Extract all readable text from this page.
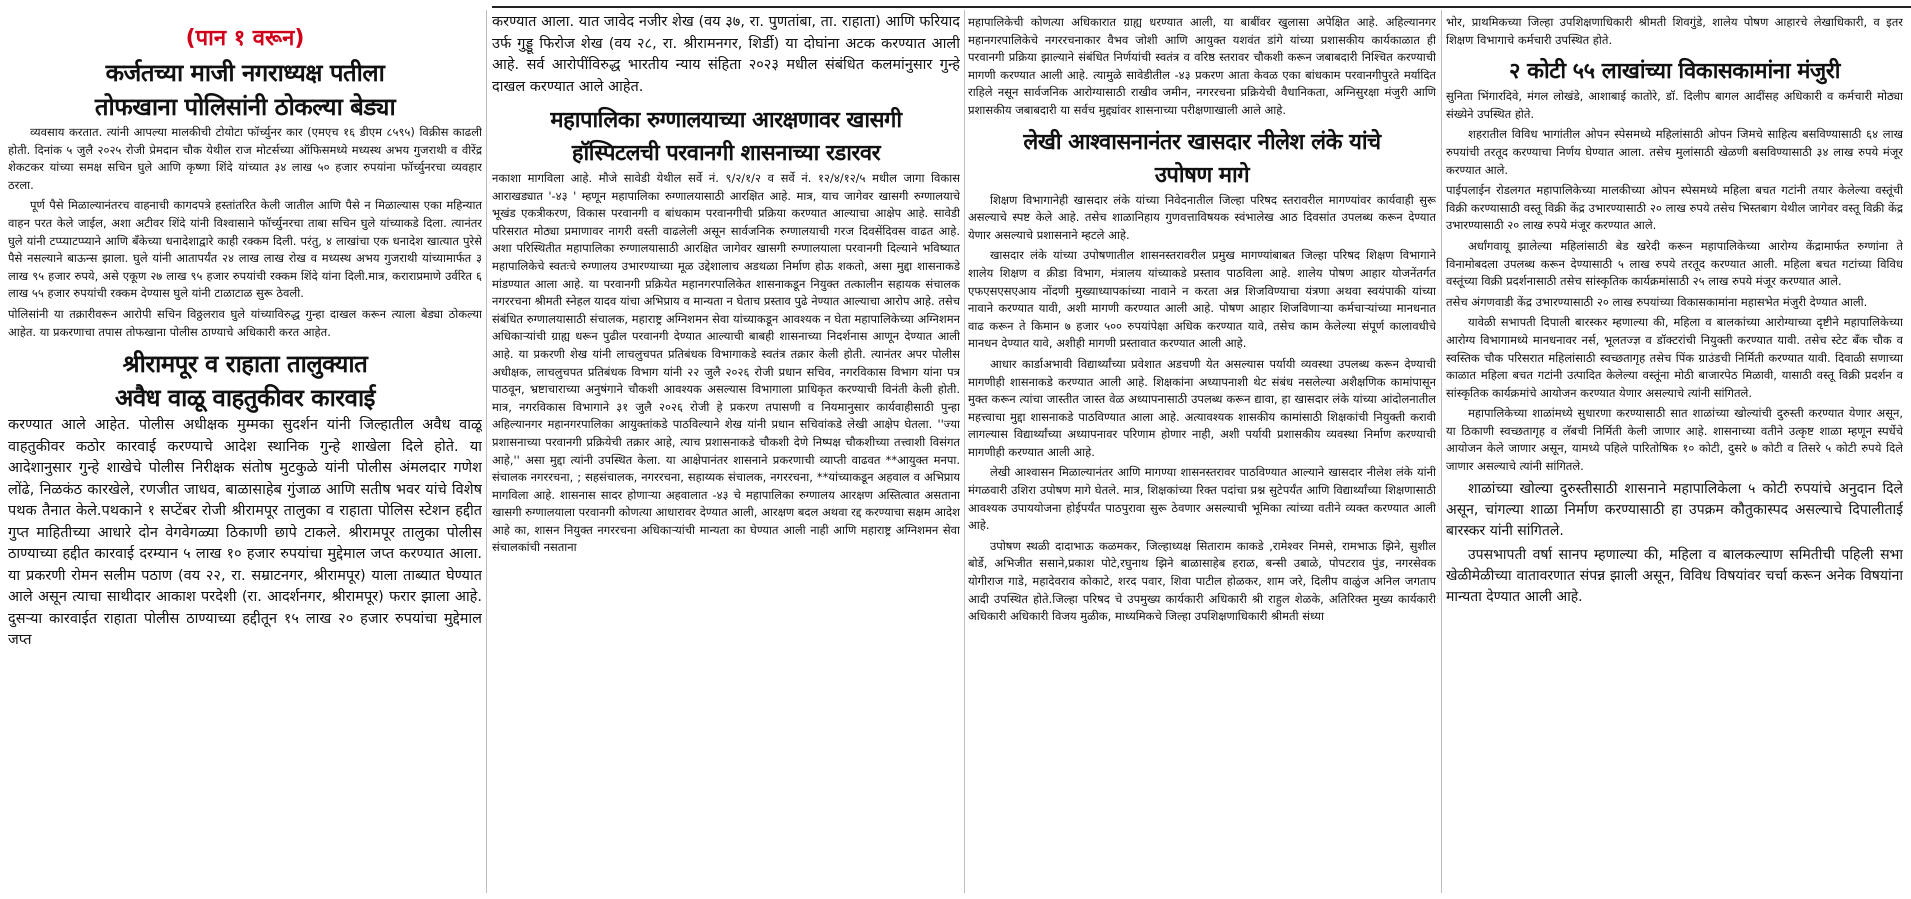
(पान १ वरून)
कर्जतच्या माजी नगराध्यक्ष पतीला
तोफखाना पोलिसांनी ठोकल्या बेड्या

व्यवसाय करतात. त्यांनी आपल्या मालकीची टोयोटा फॉर्च्युनर कार (एमएच १६ डीएम ८५९५) विक्रीस काढली होती. दिनांक ५ जुलै २०२५ रोजी प्रेमदान चौक येथील राज मोटर्सच्या ऑफिसमध्ये मध्यस्थ अभय गुजराथी व वीरेंद्र शेकटकर यांच्या समक्ष सचिन घुले आणि कृष्णा शिंदे यांच्यात ३४ लाख ५० हजार रुपयांना फॉर्च्युनरचा व्यवहार ठरला.

पूर्ण पैसे मिळाल्यानंतरच वाहनाची कागदपत्रे हस्तांतरित केली जातील आणि पैसे न मिळाल्यास एका महिन्यात वाहन परत केले जाईल, अशा अटीवर शिंदे यांनी विश्वासाने फॉर्च्युनरचा ताबा सचिन घुले यांच्याकडे दिला. त्यानंतर घुले यांनी टप्प्याटप्प्याने आणि बँकेच्या धनादेशाद्वारे काही रक्कम दिली. परंतु, ४ लाखांचा एक धनादेश खात्यात पुरेसे पैसे नसल्याने बाऊन्स झाला. घुले यांनी आतापर्यंत २४ लाख लाख रोख व मध्यस्थ अभय गुजराथी यांच्यामार्फत ३ लाख ९५ हजार रुपये, असे एकूण २७ लाख ९५ हजार रुपयांची रक्कम शिंदे यांना दिली.मात्र, कराराप्रमाणे उर्वरित ६ लाख ५५ हजार रुपयांची रक्कम देण्यास घुले यांनी टाळाटाळ सुरू ठेवली.

पोलिसांनी या तक्रारीवरून आरोपी सचिन विठ्ठलराव घुले यांच्याविरुद्ध गुन्हा दाखल करून त्याला बेड्या ठोकल्या आहेत. या प्रकरणाचा तपास तोफखाना पोलीस ठाण्याचे अधिकारी करत आहेत.

श्रीरामपूर व राहाता तालुक्यात
अवैध वाळू वाहतुकीवर कारवाई

करण्यात आले आहेत. पोलीस अधीक्षक मुम्मका सुदर्शन यांनी जिल्हातील अवैध वाळू वाहतुकीवर कठोर कारवाई करण्याचे आदेश स्थानिक गुन्हे शाखेला दिले होते. या आदेशानुसार गुन्हे शाखेचे पोलीस निरीक्षक संतोष मुटकुळे यांनी पोलीस अंमलदार गणेश लोंढे, निळकंठ कारखेले, रणजीत जाधव, बाळासाहेब गुंजाळ आणि सतीष भवर यांचे विशेष पथक तैनात केले.पथकाने १ सप्टेंबर रोजी श्रीरामपूर तालुका व राहाता पोलिस स्टेशन हद्दीत गुप्त माहितीच्या आधारे दोन वेगवेगळ्या ठिकाणी छापे टाकले. श्रीरामपूर तालुका पोलीस ठाण्याच्या हद्दीत कारवाई दरम्यान ५ लाख १० हजार रुपयांचा मुद्देमाल जप्त करण्यात आला. या प्रकरणी रोमन सलीम पठाण (वय २२, रा. सम्राटनगर, श्रीरामपूर) याला ताब्यात घेण्यात आले असून त्याचा साथीदार आकाश परदेशी (रा. आदर्शनगर, श्रीरामपूर) फरार झाला आहे. दुसऱ्या कारवाईत राहाता पोलीस ठाण्याच्या हद्दीतून १५ लाख २० हजार रुपयांचा मुद्देमाल जप्त

करण्यात आला. यात जावेद नजीर शेख (वय ३७, रा. पुणतांबा, ता. राहाता) आणि फरियाद उर्फ गुड्डू फिरोज शेख (वय २८, रा. श्रीरामनगर, शिर्डी) या दोघांना अटक करण्यात आली आहे. सर्व आरोपींविरुद्ध भारतीय न्याय संहिता २०२३ मधील संबंधित कलमांनुसार गुन्हे दाखल करण्यात आले आहेत.

महापालिका रुग्णालयाच्या आरक्षणावर खासगी
हॉस्पिटलची परवानगी शासनाच्या रडारवर

नकाशा मागविला आहे. मौजे सावेडी येथील सर्वे नं. ९/२/१/२ व सर्वे नं. १२/४/१२/५ मधील जागा विकास आराखड्यात '-४३ ' म्हणून महापालिका रुग्णालयासाठी आरक्षित आहे. मात्र, याच जागेवर खासगी रुग्णालयाचे भूखंड एकत्रीकरण, विकास परवानगी व बांधकाम परवानगीची प्रक्रिया करण्यात आल्याचा आक्षेप आहे. सावेडी परिसरात मोठ्या प्रमाणावर नागरी वस्ती वाढलेली असून सार्वजनिक रुग्णालयाची गरज दिवसेंदिवस वाढत आहे. अशा परिस्थितीत महापालिका रुग्णालयासाठी आरक्षित जागेवर खासगी रुग्णालयाला परवानगी दिल्याने भविष्यात महापालिकेचे स्वतःचे रुग्णालय उभारण्याच्या मूळ उद्देशालाच अडथळा निर्माण होऊ शकतो, असा मुद्दा शासनाकडे मांडण्यात आला आहे. या परवानगी प्रक्रियेत महानगरपालिकेत शासनाकडून नियुक्त तत्कालीन सहायक संचालक नगररचना श्रीमती स्नेहल यादव यांचा अभिप्राय व मान्यता न घेताच प्रस्ताव पुढे नेण्यात आल्याचा आरोप आहे. तसेच संबंधित रुग्णालयासाठी संचालक, महाराष्ट्र अग्निशमन सेवा यांच्याकडून आवश्यक न घेता महापालिकेच्या अग्निशमन अधिकाऱ्यांची ग्राह्य धरून पुढील परवानगी देण्यात आल्याची बाबही शासनाच्या निदर्शनास आणून देण्यात आली आहे. या प्रकरणी शेख यांनी लाचलुचपत प्रतिबंधक विभागाकडे स्वतंत्र तक्रार केली होती. त्यानंतर अपर पोलीस अधीक्षक, लाचलुचपत प्रतिबंधक विभाग यांनी २२ जुलै २०२६ रोजी प्रधान सचिव, नगरविकास विभाग यांना पत्र पाठवून, भ्रष्टाचाराच्या अनुषंगाने चौकशी आवश्यक असल्यास विभागाला प्राधिकृत करण्याची विनंती केली होती. मात्र, नगरविकास विभागाने ३१ जुलै २०२६ रोजी हे प्रकरण तपासणी व नियमानुसार कार्यवाहीसाठी पुन्हा अहिल्यानगर महानगरपालिका आयुक्तांकडे पाठविल्याने शेख यांनी प्रधान सचिवांकडे लेखी आक्षेप घेतला. ''ज्या प्रशासनाच्या परवानगी प्रक्रियेची तक्रार आहे, त्याच प्रशासनाकडे चौकशी देणे निष्पक्ष चौकशीच्या तत्त्वाशी विसंगत आहे,'' असा मुद्दा त्यांनी उपस्थित केला. या आक्षेपानंतर शासनाने प्रकरणाची व्याप्ती वाढवत **आयुक्त मनपा. संचालक नगररचना, ; सहसंचालक, नगररचना, सहाय्यक संचालक, नगररचना, **यांच्याकडून अहवाल व अभिप्राय मागविला आहे. शासनास सादर होणाऱ्या अहवालात -४३ चे महापालिका रुग्णालय आरक्षण अस्तित्वात असताना खासगी रुग्णालयाला परवानगी कोणत्या आधारावर देण्यात आली, आरक्षण बदल अथवा रद्द करण्याचा सक्षम आदेश आहे का, शासन नियुक्त नगररचना अधिकाऱ्यांची मान्यता का घेण्यात आली नाही आणि महाराष्ट्र अग्निशमन सेवा संचालकांची नसताना

महापालिकेची कोणत्या अधिकारात ग्राह्य धरण्यात आली, या बाबींवर खुलासा अपेक्षित आहे. अहिल्यानगर महानगरपालिकेचे नगररचनाकार वैभव जोशी आणि आयुक्त यशवंत डांगे यांच्या प्रशासकीय कार्यकाळात ही परवानगी प्रक्रिया झाल्याने संबंधित निर्णयांची स्वतंत्र व वरिष्ठ स्तरावर चौकशी करून जबाबदारी निश्चित करण्याची मागणी करण्यात आली आहे. त्यामुळे सावेडीतील -४३ प्रकरण आता केवळ एका बांधकाम परवानगीपुरते मर्यादित राहिले नसून सार्वजनिक आरोग्यासाठी राखीव जमीन, नगररचना प्रक्रियेची वैधानिकता, अग्निसुरक्षा मंजुरी आणि प्रशासकीय जबाबदारी या सर्वच मुद्द्यांवर शासनाच्या परीक्षणाखाली आले आहे.

लेखी आश्वासनानंतर खासदार नीलेश लंके यांचे
उपोषण मागे

शिक्षण विभागानेही खासदार लंके यांच्या निवेदनातील जिल्हा परिषद स्तरावरील मागण्यांवर कार्यवाही सुरू असल्याचे स्पष्ट केले आहे. तसेच शाळानिहाय गुणवत्ताविषयक स्वंभालेख आठ दिवसांत उपलब्ध करून देण्यात येणार असल्याचे प्रशासनाने म्हटले आहे.

खासदार लंके यांच्या उपोषणातील शासनस्तरावरील प्रमुख मागण्यांबाबत जिल्हा परिषद शिक्षण विभागाने शालेय शिक्षण व क्रीडा विभाग, मंत्रालय यांच्याकडे प्रस्ताव पाठविला आहे. शालेय पोषण आहार योजनेंतर्गत एफएसएसएआय नोंदणी मुख्याध्यापकांच्या नावाने न करता अन्न शिजविण्याचा यंत्रणा अथवा स्वयंपाकी यांच्या नावाने करण्यात यावी, अशी मागणी करण्यात आली आहे. पोषण आहार शिजविणाऱ्या कर्मचाऱ्यांच्या मानधनात वाढ करून ते किमान ७ हजार ५०० रुपयांपेक्षा अधिक करण्यात यावे, तसेच काम केलेल्या संपूर्ण कालावधीचे मानधन देण्यात यावे, अशीही मागणी प्रस्तावात करण्यात आली आहे.

आधार कार्डाअभावी विद्यार्थ्यांच्या प्रवेशात अडचणी येत असल्यास पर्यायी व्यवस्था उपलब्ध करून देण्याची मागणीही शासनाकडे करण्यात आली आहे. शिक्षकांना अध्यापनाशी थेट संबंध नसलेल्या अशैक्षणिक कामांपासून मुक्त करून त्यांचा जास्तीत जास्त वेळ अध्यापनासाठी उपलब्ध करून द्यावा, हा खासदार लंके यांच्या आंदोलनातील महत्त्वाचा मुद्दा शासनाकडे पाठविण्यात आला आहे. अत्यावश्यक शासकीय कामांसाठी शिक्षकांची नियुक्ती करावी लागल्यास विद्यार्थ्यांच्या अध्यापनावर परिणाम होणार नाही, अशी पर्यायी प्रशासकीय व्यवस्था निर्माण करण्याची मागणीही करण्यात आली आहे.

लेखी आश्वासन मिळाल्यानंतर आणि मागण्या शासनस्तरावर पाठविण्यात आल्याने खासदार नीलेश लंके यांनी मंगळवारी उशिरा उपोषण मागे घेतले. मात्र, शिक्षकांच्या रिक्त पदांचा प्रश्न सुटेपर्यंत आणि विद्यार्थ्यांच्या शिक्षणासाठी आवश्यक उपाययोजना होईपर्यंत पाठपुरावा सुरू ठेवणार असल्याची भूमिका त्यांच्या वतीने व्यक्त करण्यात आली आहे.

उपोषण स्थळी दादाभाऊ कळमकर, जिल्हाध्यक्ष सिताराम काकडे ,रामेश्वर निमसे, रामभाऊ झिने, सुशील बोर्डे, अभिजीत ससाने,प्रकाश पोटे,रघुनाथ झिने बाळासाहेब हराळ, बन्सी उबाळे, पोपटराव पुंड, नगरसेवक योगीराज गाडे, महादेवराव कोकाटे, शरद पवार, शिवा पाटील होळकर, शाम जरे, दिलीप वाळुंज अनिल जगताप आदी उपस्थित होते.जिल्हा परिषद चे उपमुख्य कार्यकारी अधिकारी श्री राहुल शेळके, अतिरिक्त मुख्य कार्यकारी अधिकारी अधिकारी विजय मुळीक, माध्यमिकचे जिल्हा उपशिक्षणाधिकारी श्रीमती संध्या

भोर, प्राथमिकच्या जिल्हा उपशिक्षणाधिकारी श्रीमती शिवगुंडे, शालेय पोषण आहारचे लेखाधिकारी, व इतर शिक्षण विभागाचे कर्मचारी उपस्थित होते.

२ कोटी ५५ लाखांच्या विकासकामांना मंजुरी

सुनिता भिंगारदिवे, मंगल लोखंडे, आशाबाई कातोरे, डॉ. दिलीप बागल आदींसह अधिकारी व कर्मचारी मोठ्या संख्येने उपस्थित होते.

शहरातील विविध भागांतील ओपन स्पेसमध्ये महिलांसाठी ओपन जिमचे साहित्य बसविण्यासाठी ६४ लाख रुपयांची तरतूद करण्याचा निर्णय घेण्यात आला. तसेच मुलांसाठी खेळणी बसविण्यासाठी ३४ लाख रुपये मंजूर करण्यात आले.

पाईपलाईन रोडलगत महापालिकेच्या मालकीच्या ओपन स्पेसमध्ये महिला बचत गटांनी तयार केलेल्या वस्तूंची विक्री करण्यासाठी वस्तू विक्री केंद्र उभारण्यासाठी २० लाख रुपये तसेच भिस्तबाग येथील जागेवर वस्तू विक्री केंद्र उभारण्यासाठी २० लाख रुपये मंजूर करण्यात आले.

अर्धांगवायू झालेल्या महिलांसाठी बेड खरेदी करून महापालिकेच्या आरोग्य केंद्रामार्फत रुग्णांना ते विनामोबदला उपलब्ध करून देण्यासाठी ५ लाख रुपये तरतूद करण्यात आली. महिला बचत गटांच्या विविध वस्तूंच्या विक्री प्रदर्शनासाठी तसेच सांस्कृतिक कार्यक्रमांसाठी २५ लाख रुपये मंजूर करण्यात आले.

तसेच अंगणवाडी केंद्र उभारण्यासाठी २० लाख रुपयांच्या विकासकामांना महासभेत मंजुरी देण्यात आली.

यावेळी सभापती दिपाली बारस्कर म्हणाल्या की, महिला व बालकांच्या आरोग्याच्या दृष्टीने महापालिकेच्या आरोग्य विभागामध्ये मानधनावर नर्स, भूलतज्ज्ञ व डॉक्टरांची नियुक्ती करण्यात यावी. तसेच स्टेट बँक चौक व स्वस्तिक चौक परिसरात महिलांसाठी स्वच्छतागृह तसेच पिंक ग्राउंडची निर्मिती करण्यात यावी. दिवाळी सणाच्या काळात महिला बचत गटांनी उत्पादित केलेल्या वस्तूंना मोठी बाजारपेठ मिळावी, यासाठी वस्तू विक्री प्रदर्शन व सांस्कृतिक कार्यक्रमांचे आयोजन करण्यात येणार असल्याचे त्यांनी सांगितले.

महापालिकेच्या शाळांमध्ये सुधारणा करण्यासाठी सात शाळांच्या खोल्यांची दुरुस्ती करण्यात येणार असून, या ठिकाणी स्वच्छतागृह व लॅबची निर्मिती केली जाणार आहे. शासनाच्या वतीने उत्कृष्ट शाळा म्हणून स्पर्धेचे आयोजन केले जाणार असून, यामध्ये पहिले पारितोषिक १० कोटी, दुसरे ७ कोटी व तिसरे ५ कोटी रुपये दिले जाणार असल्याचे त्यांनी सांगितले.

शाळांच्या खोल्या दुरुस्तीसाठी शासनाने महापालिकेला ५ कोटी रुपयांचे अनुदान दिले असून, चांगल्या शाळा निर्माण करण्यासाठी हा उपक्रम कौतुकास्पद असल्याचे दिपालीताई बारस्कर यांनी सांगितले.

उपसभापती वर्षा सानप म्हणाल्या की, महिला व बालकल्याण समितीची पहिली सभा खेळीमेळीच्या वातावरणात संपन्न झाली असून, विविध विषयांवर चर्चा करून अनेक विषयांना मान्यता देण्यात आली आहे.
